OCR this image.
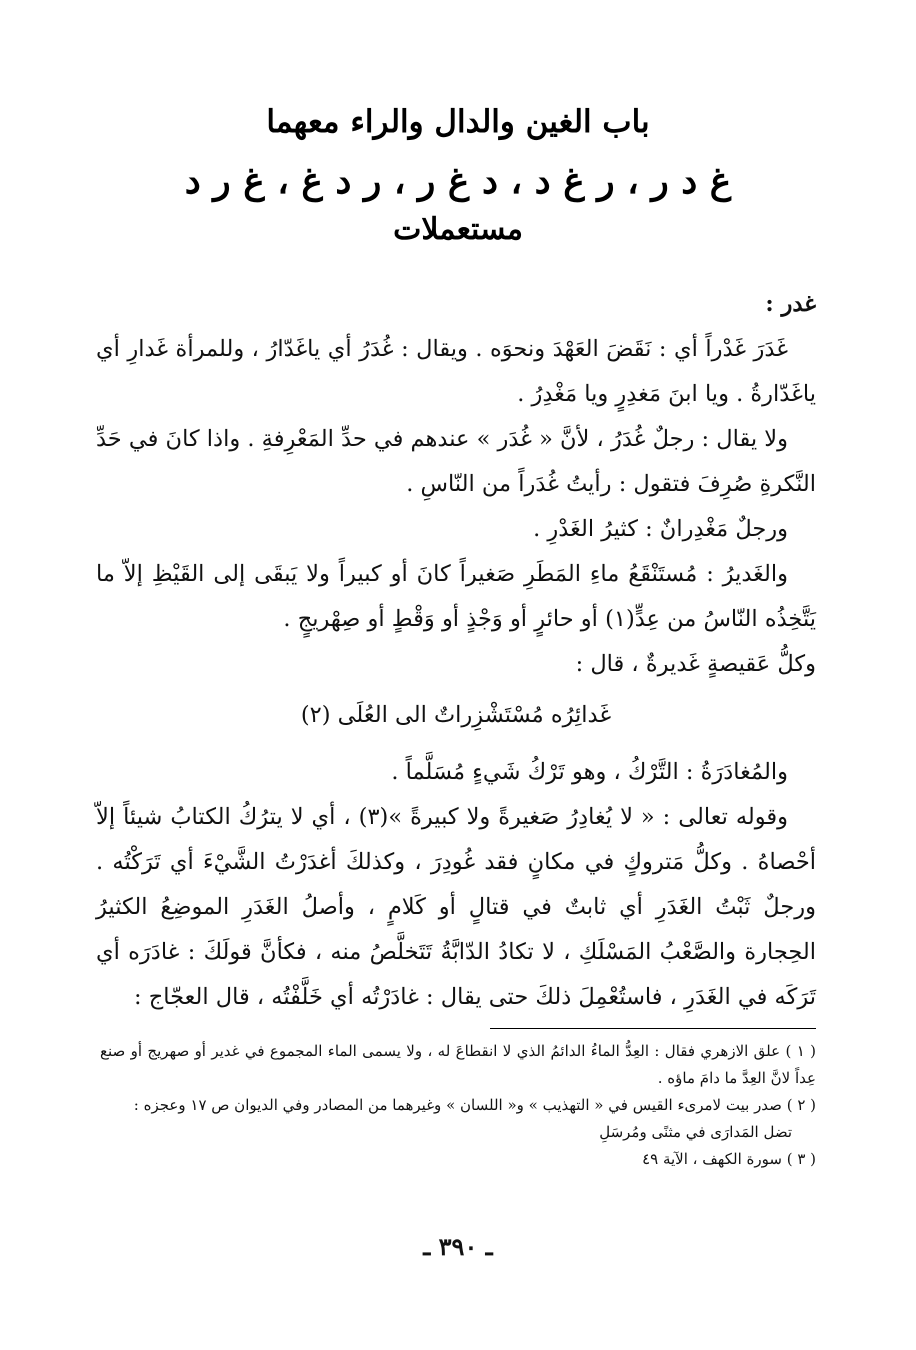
باب الغين والدال والراء معهما
غ د ر ، ر غ د ، د غ ر ، ر د غ ، غ ر د
مستعملات

غدر :

غَدَرَ غَدْراً أي : نَقَضَ العَهْدَ ونحوَه . ويقال : غُدَرُ أي ياغَدّارُ ، وللمرأة غَدارِ أي ياغَدّارةُ . ويا ابنَ مَغدِرٍ ويا مَغْدِرُ .

ولا يقال : رجلٌ غُدَرُ ، لأنَّ « غُدَر » عندهم في حدِّ المَعْرِفةِ . واذا كانَ في حَدِّ النَّكرةِ صُرِفَ فتقول : رأيتُ غُدَراً من النّاسِ .

ورجلٌ مَغْدِرانٌ : كثيرُ الغَدْرِ .

والغَديرُ : مُستَنْقَعُ ماءِ المَطَرِ صَغيراً كانَ أو كبيراً ولا يَبقَى إلى القَيْظِ إلاّ ما يَتَّخِذُه النّاسُ من عِدٍّ(١) أو حائرٍ أو وَجْذٍ أو وَقْطٍ أو صِهْريجٍ .

وكلُّ عَقيصةٍ غَديرةٌ ، قال :

غَدائِرُه مُسْتَشْزِراتٌ الى العُلَى (٢)

والمُغادَرَةُ : التَّرْكُ ، وهو تَرْكُ شَيءٍ مُسَلَّماً .

وقوله تعالى : « لا يُغادِرُ صَغيرةً ولا كبيرةً »(٣) ، أي لا يترُكُ الكتابُ شيئاً إلاّ أحْصاهُ . وكلُّ مَتروكٍ في مكانٍ فقد غُودِرَ ، وكذلكَ أغدَرْتُ الشَّيْءَ أي تَرَكْتُه . ورجلٌ ثَبْتُ الغَدَرِ أي ثابتٌ في قتالٍ أو كَلامٍ ، وأصلُ الغَدَرِ الموضِعُ الكثيرُ الحِجارة والصَّعْبُ المَسْلَكِ ، لا تكادُ الدّابَّةُ تَتَخلَّصُ منه ، فكأنَّ قولَكَ : غادَرَه أي تَرَكَه في الغَدَرِ ، فاستُعْمِلَ ذلكَ حتى يقال : غادَرْتُه أي خَلَّفْتُه ، قال العجّاج :

( ١ ) علق الازهري فقال : العِدُّ الماءُ الدائمُ الذي لا انقطاعَ له ، ولا يسمى الماء المجموع في غدير أو صهريج أو صنع عِداً لانَّ العِدَّ ما دامَ ماؤه .

( ٢ ) صدر بيت لامرىء القيس في « التهذيب » و« اللسان » وغيرهما من المصادر وفي الديوان ص ١٧ وعجزه :

تضل المَدارَى في مثنًى ومُرسَلِ

( ٣ ) سورة الكهف ، الآية ٤٩

ـ ٣٩٠ ـ
